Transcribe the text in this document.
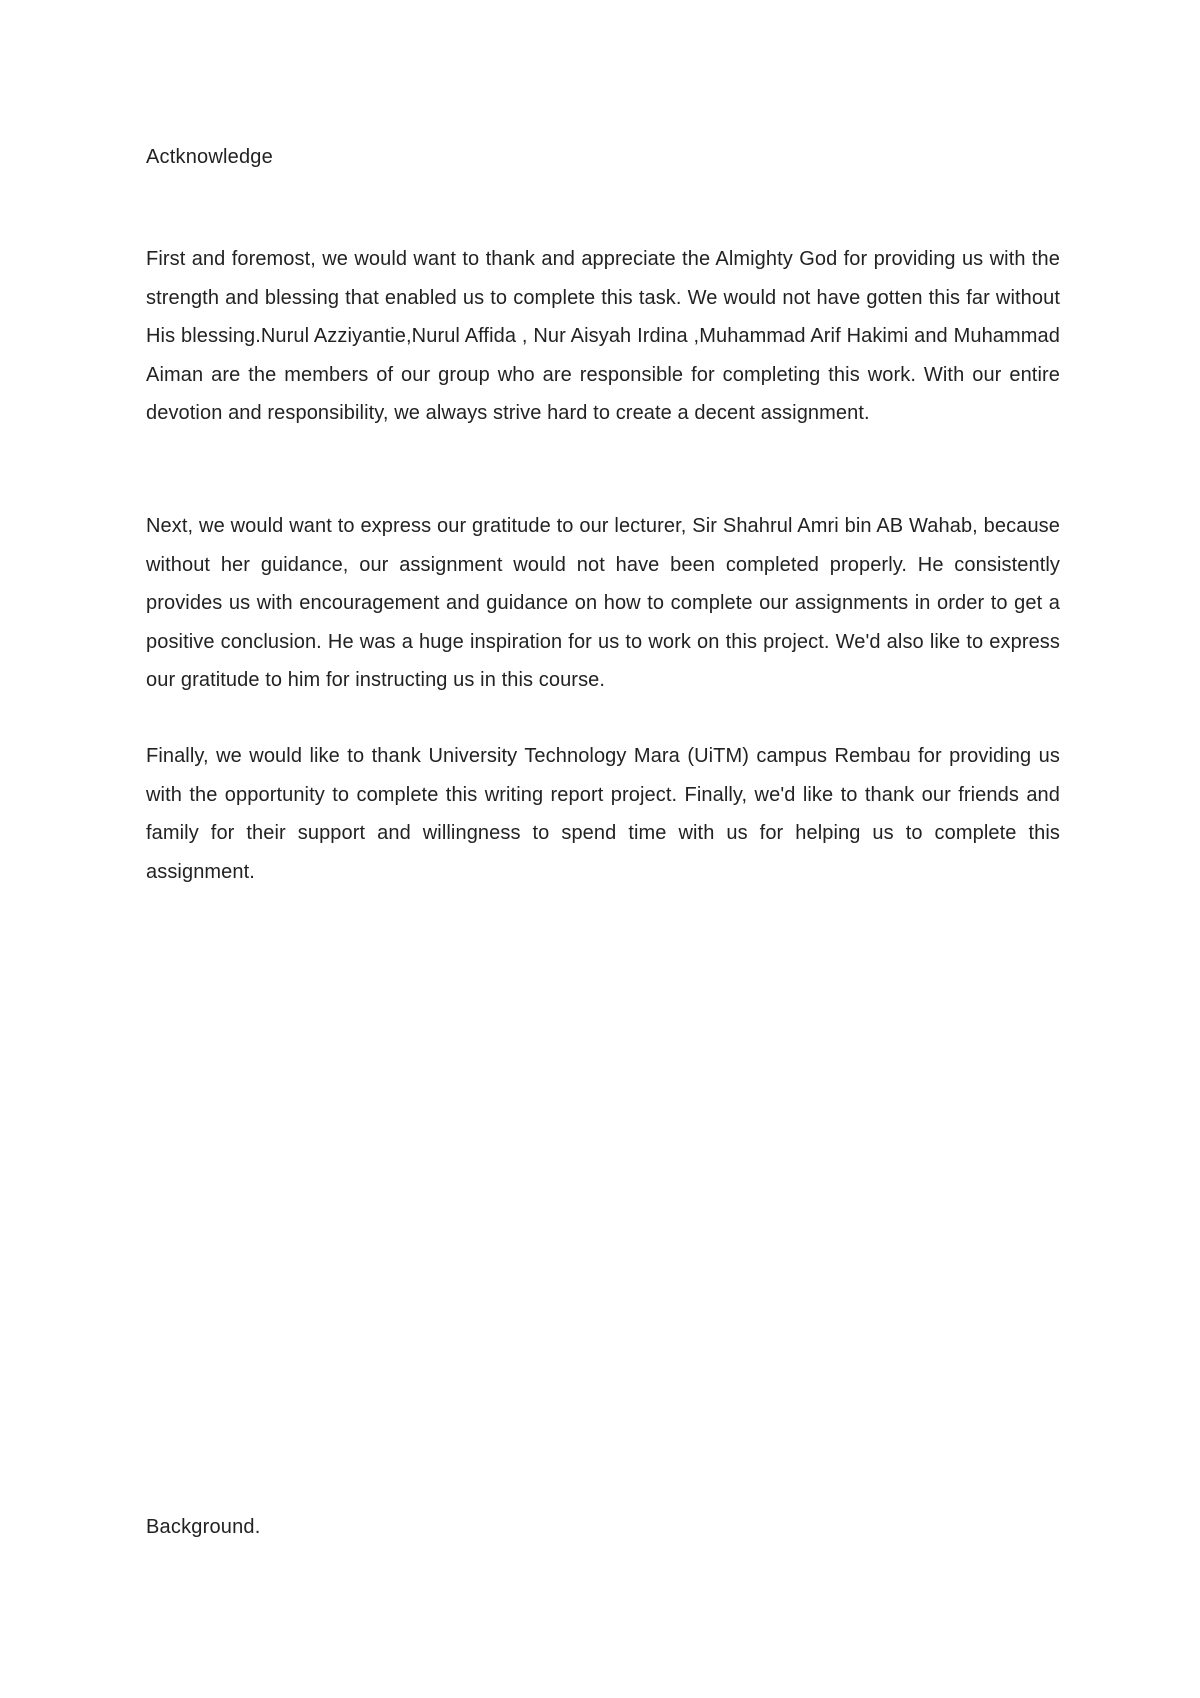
Actknowledge

First and foremost, we would want to thank and appreciate the Almighty God for providing us with the strength and blessing that enabled us to complete this task. We would not have gotten this far without His blessing.Nurul Azziyantie,Nurul Affida , Nur Aisyah Irdina ,Muhammad Arif Hakimi and Muhammad Aiman are the members of our group who are responsible for completing this work. With our entire devotion and responsibility, we always strive hard to create a decent assignment.

Next, we would want to express our gratitude to our lecturer, Sir Shahrul Amri bin AB Wahab, because without her guidance, our assignment would not have been completed properly. He consistently provides us with encouragement and guidance on how to complete our assignments in order to get a positive conclusion. He was a huge inspiration for us to work on this project. We'd also like to express our gratitude to him for instructing us in this course.

Finally, we would like to thank University Technology Mara (UiTM) campus Rembau for providing us with the opportunity to complete this writing report project. Finally, we'd like to thank our friends and family for their support and willingness to spend time with us for helping us to complete this assignment.

Background.
